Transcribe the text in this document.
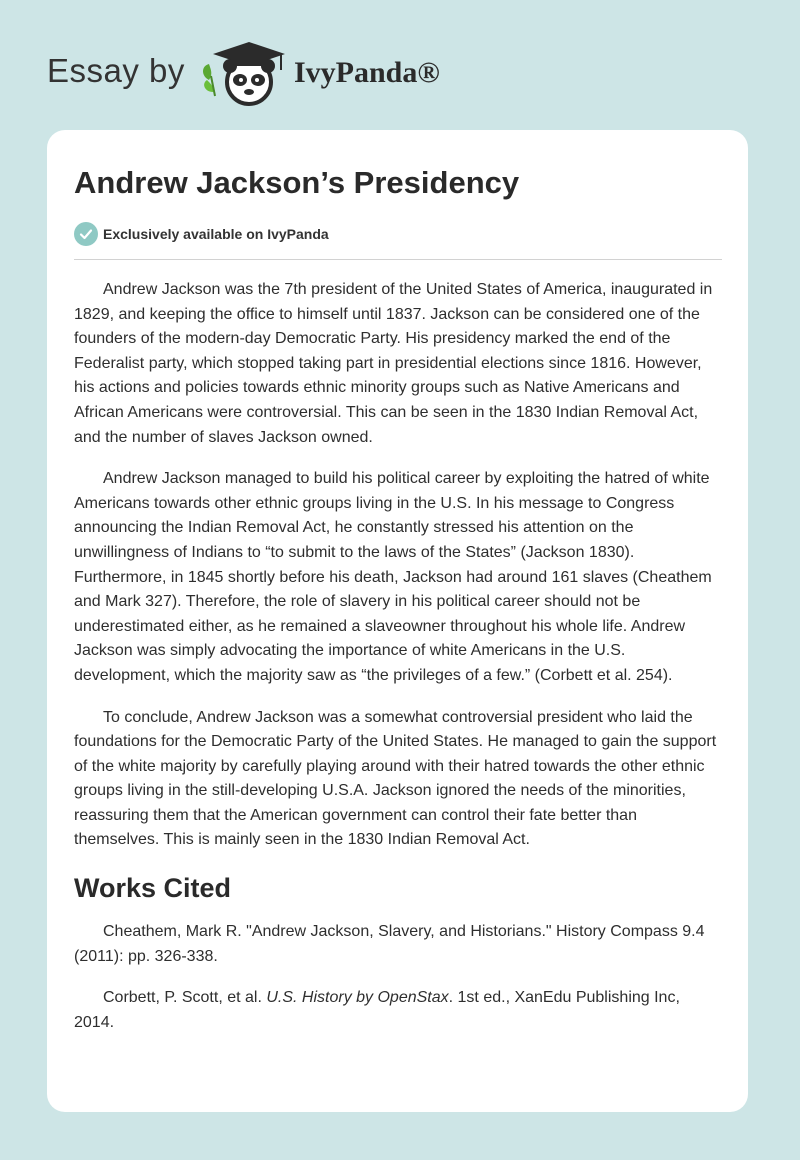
Essay by	IvyPanda®
Andrew Jackson’s Presidency
Exclusively available on IvyPanda

Andrew Jackson was the 7th president of the United States of America, inaugurated in 1829, and keeping the office to himself until 1837. Jackson can be considered one of the founders of the modern-day Democratic Party. His presidency marked the end of the Federalist party, which stopped taking part in presidential elections since 1816. However, his actions and policies towards ethnic minority groups such as Native Americans and African Americans were controversial. This can be seen in the 1830 Indian Removal Act, and the number of slaves Jackson owned.

Andrew Jackson managed to build his political career by exploiting the hatred of white Americans towards other ethnic groups living in the U.S. In his message to Congress announcing the Indian Removal Act, he constantly stressed his attention on the unwillingness of Indians to “to submit to the laws of the States” (Jackson 1830). Furthermore, in 1845 shortly before his death, Jackson had around 161 slaves (Cheathem and Mark 327). Therefore, the role of slavery in his political career should not be underestimated either, as he remained a slaveowner throughout his whole life. Andrew Jackson was simply advocating the importance of white Americans in the U.S. development, which the majority saw as “the privileges of a few.” (Corbett et al. 254).

To conclude, Andrew Jackson was a somewhat controversial president who laid the foundations for the Democratic Party of the United States. He managed to gain the support of the white majority by carefully playing around with their hatred towards the other ethnic groups living in the still-developing U.S.A. Jackson ignored the needs of the minorities, reassuring them that the American government can control their fate better than themselves. This is mainly seen in the 1830 Indian Removal Act.

Works Cited

Cheathem, Mark R. "Andrew Jackson, Slavery, and Historians." History Compass 9.4 (2011): pp. 326-338.

Corbett, P. Scott, et al. U.S. History by OpenStax. 1st ed., XanEdu Publishing Inc, 2014.
